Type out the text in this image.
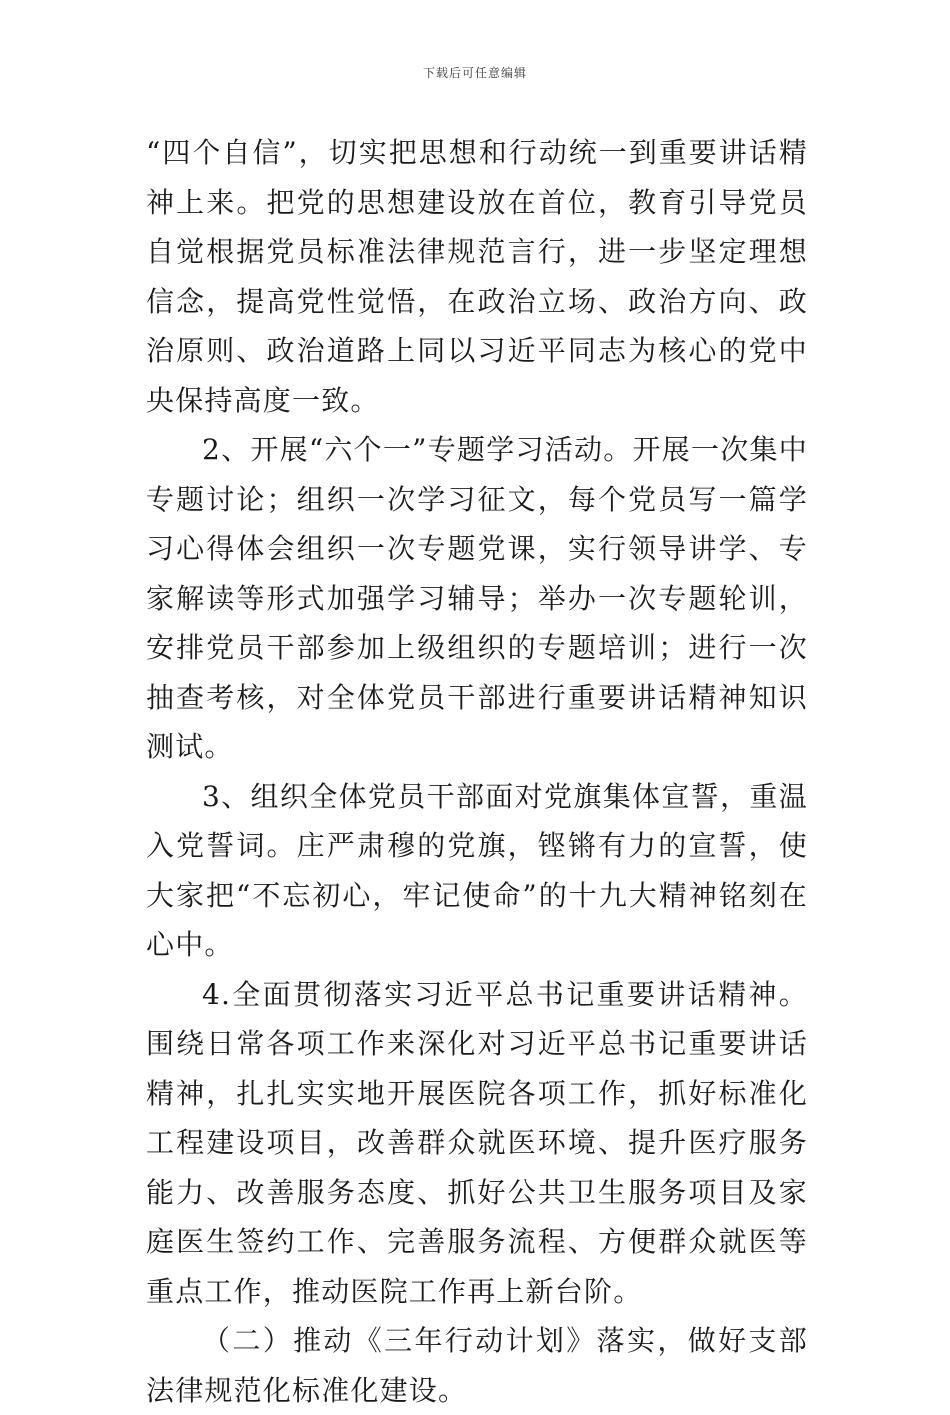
下载后可任意编辑

“四个自信”，切实把思想和行动统一到重要讲话精神上来。把党的思想建设放在首位，教育引导党员自觉根据党员标准法律规范言行，进一步坚定理想信念，提高党性觉悟，在政治立场、政治方向、政治原则、政治道路上同以习近平同志为核心的党中央保持高度一致。

2、开展“六个一”专题学习活动。开展一次集中专题讨论；组织一次学习征文，每个党员写一篇学习心得体会组织一次专题党课，实行领导讲学、专家解读等形式加强学习辅导；举办一次专题轮训，安排党员干部参加上级组织的专题培训；进行一次抽查考核，对全体党员干部进行重要讲话精神知识测试。

3、组织全体党员干部面对党旗集体宣誓，重温入党誓词。庄严肃穆的党旗，铿锵有力的宣誓，使大家把“不忘初心，牢记使命”的十九大精神铭刻在心中。

4.全面贯彻落实习近平总书记重要讲话精神。围绕日常各项工作来深化对习近平总书记重要讲话精神，扎扎实实地开展医院各项工作，抓好标准化工程建设项目，改善群众就医环境、提升医疗服务能力、改善服务态度、抓好公共卫生服务项目及家庭医生签约工作、完善服务流程、方便群众就医等重点工作，推动医院工作再上新台阶。

（二）推动《三年行动计划》落实，做好支部法律规范化标准化建设。
